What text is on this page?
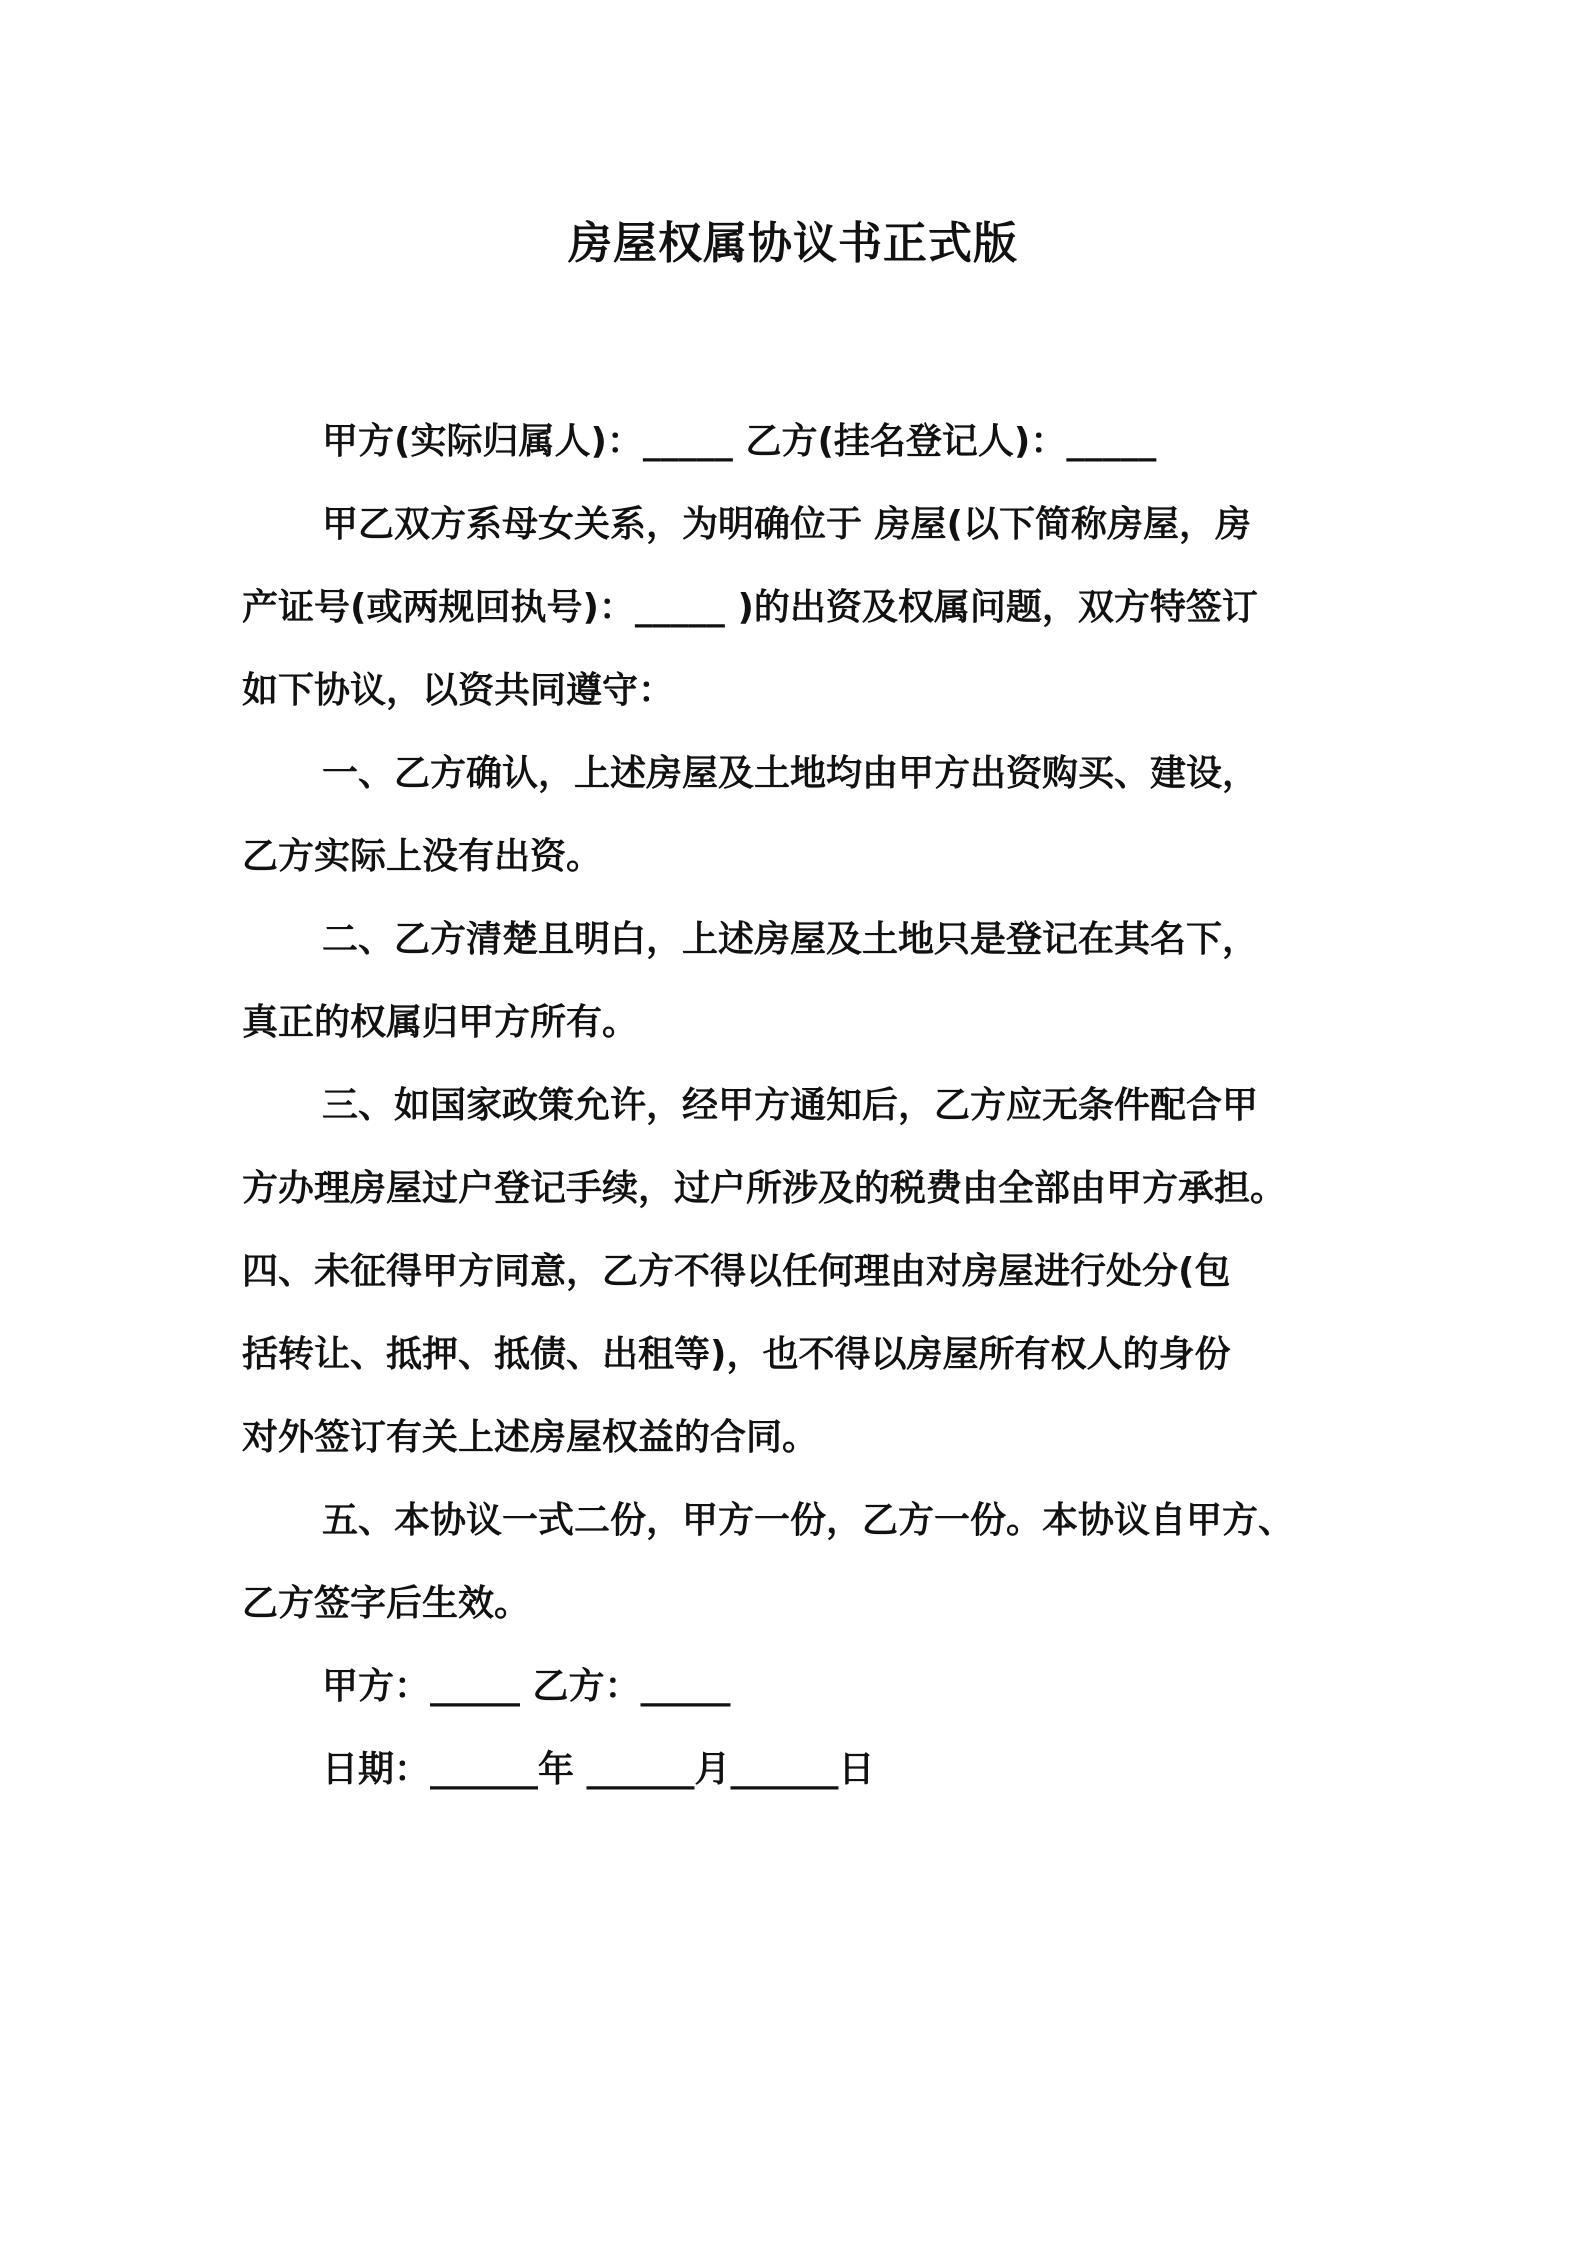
房屋权属协议书正式版
甲方(实际归属人)：_____ 乙方(挂名登记人)：_____
甲乙双方系母女关系，为明确位于 房屋(以下简称房屋，房
产证号(或两规回执号)：_____ )的出资及权属问题，双方特签订
如下协议，以资共同遵守：
一、乙方确认，上述房屋及土地均由甲方出资购买、建设，
乙方实际上没有出资。
二、乙方清楚且明白，上述房屋及土地只是登记在其名下，
真正的权属归甲方所有。
三、如国家政策允许，经甲方通知后，乙方应无条件配合甲
方办理房屋过户登记手续，过户所涉及的税费由全部由甲方承担。
四、未征得甲方同意，乙方不得以任何理由对房屋进行处分(包
括转让、抵押、抵债、出租等)，也不得以房屋所有权人的身份
对外签订有关上述房屋权益的合同。
五、本协议一式二份，甲方一份，乙方一份。本协议自甲方、
乙方签字后生效。
甲方：_____ 乙方：_____
日期：______年 ______月______日
